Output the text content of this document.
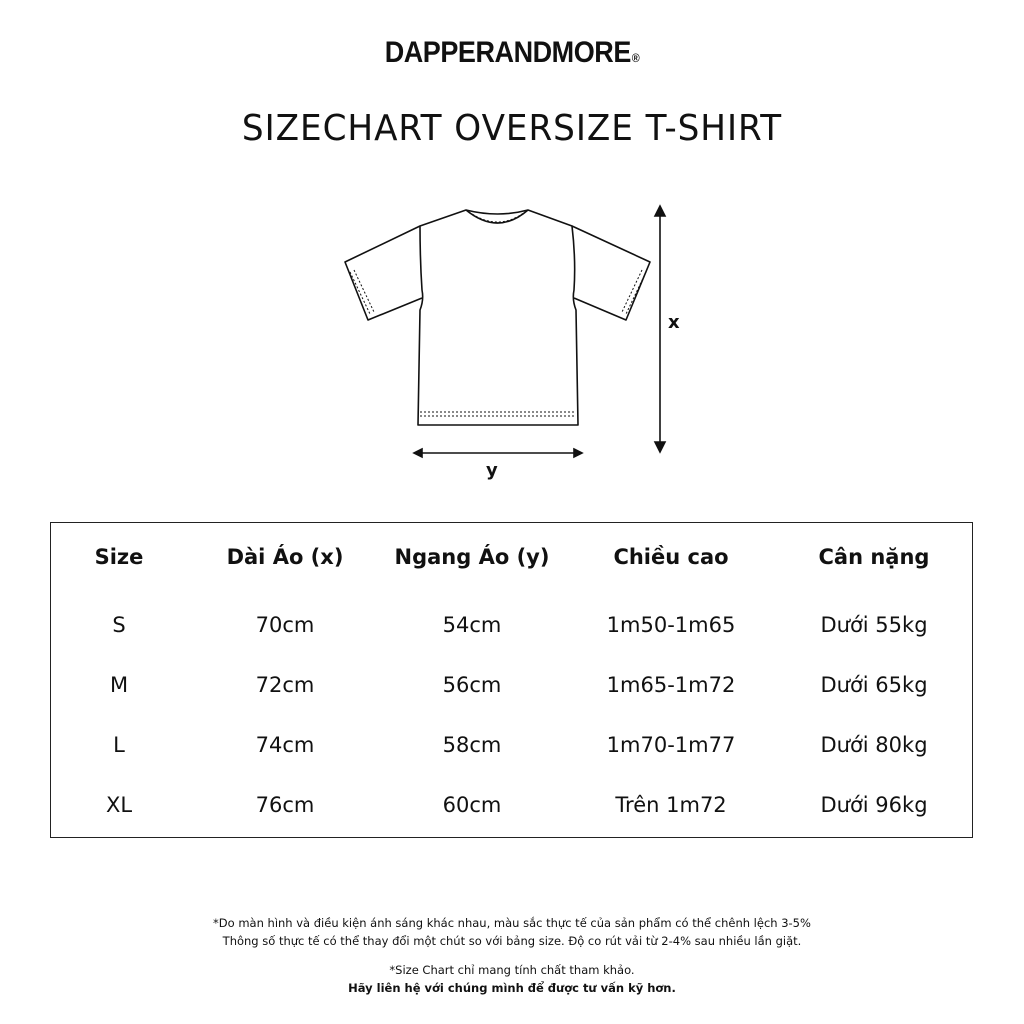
DAPPERANDMORE®
SIZECHART OVERSIZE T-SHIRT
x
y
Size	Dài Áo (x)	Ngang Áo (y)	Chiều cao	Cân nặng
S	70cm	54cm	1m50-1m65	Dưới 55kg
M	72cm	56cm	1m65-1m72	Dưới 65kg
L	74cm	58cm	1m70-1m77	Dưới 80kg
XL	76cm	60cm	Trên 1m72	Dưới 96kg
*Do màn hình và điều kiện ánh sáng khác nhau, màu sắc thực tế của sản phẩm có thể chênh lệch 3-5%
Thông số thực tế có thể thay đổi một chút so với bảng size. Độ co rút vải từ 2-4% sau nhiều lần giặt.
*Size Chart chỉ mang tính chất tham khảo.
Hãy liên hệ với chúng mình để được tư vấn kỹ hơn.
